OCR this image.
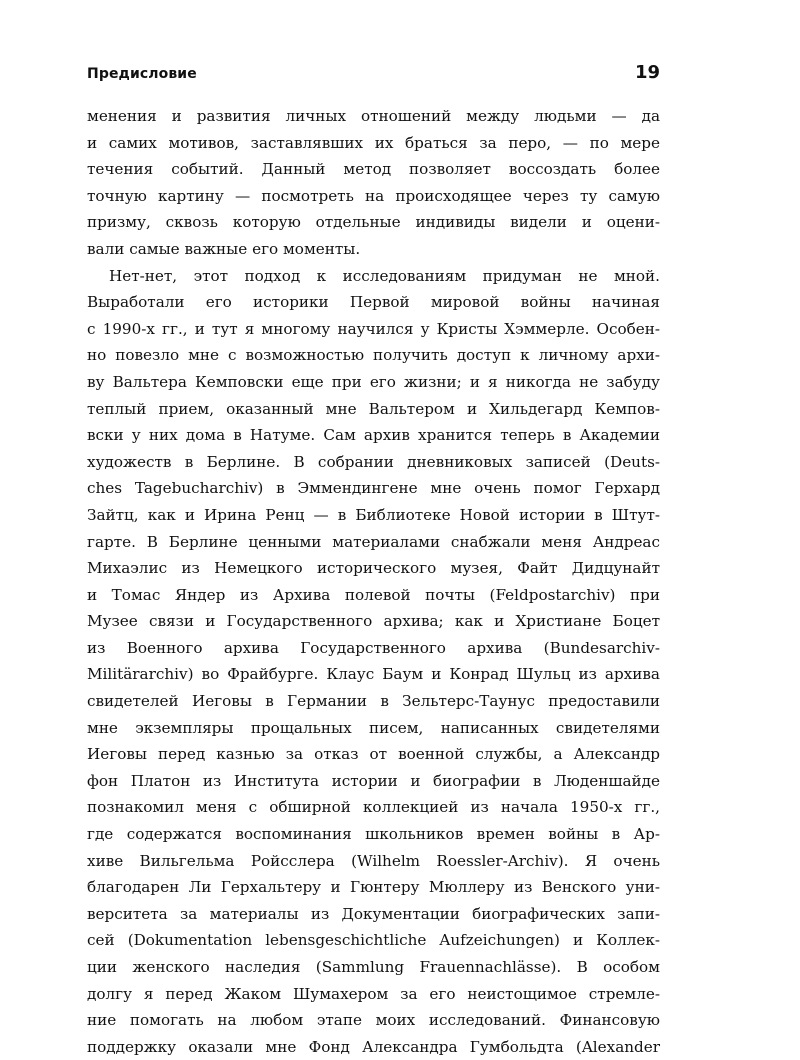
Предисловие	19
менения и развития личных отношений между людьми — да
и самих мотивов, заставлявших их браться за перо, — по мере
течения событий. Данный метод позволяет воссоздать более
точную картину — посмотреть на происходящее через ту самую
призму, сквозь которую отдельные индивиды видели и оцени-
вали самые важные его моменты.
Нет-нет, этот подход к исследованиям придуман не мной.
Выработали его историки Первой мировой войны начиная
с 1990-х гг., и тут я многому научился у Кристы Хэммерле. Особен-
но повезло мне с возможностью получить доступ к личному архи-
ву Вальтера Кемповски еще при его жизни; и я никогда не забуду
теплый прием, оказанный мне Вальтером и Хильдегард Кемпов-
вски у них дома в Натуме. Сам архив хранится теперь в Академии
художеств в Берлине. В собрании дневниковых записей (Deuts-
ches Tagebucharchiv) в Эммендингене мне очень помог Герхард
Зайтц, как и Ирина Ренц — в Библиотеке Новой истории в Штут-
гарте. В Берлине ценными материалами снабжали меня Андреас
Михаэлис из Немецкого исторического музея, Файт Дидцунайт
и Томас Яндер из Архива полевой почты (Feldpostarchiv) при
Музее связи и Государственного архива; как и Христиане Боцет
из Военного архива Государственного архива (Bundesarchiv-
Militärarchiv) во Фрайбурге. Клаус Баум и Конрад Шульц из архива
свидетелей Иеговы в Германии в Зельтерс-Таунус предоставили
мне экземпляры прощальных писем, написанных свидетелями
Иеговы перед казнью за отказ от военной службы, а Александр
фон Платон из Института истории и биографии в Люденшайде
познакомил меня с обширной коллекцией из начала 1950-х гг.,
где содержатся воспоминания школьников времен войны в Ар-
хиве Вильгельма Ройсслера (Wilhelm Roessler-Archiv). Я очень
благодарен Ли Герхальтеру и Гюнтеру Мюллеру из Венского уни-
верситета за материалы из Документации биографических запи-
сей (Dokumentation lebensgeschichtliche Aufzeichungen) и Коллек-
ции женского наследия (Sammlung Frauennachlässe). В особом
долгу я перед Жаком Шумахером за его неистощимое стремле-
ние помогать на любом этапе моих исследований. Финансовую
поддержку оказали мне Фонд Александра Гумбольдта (Alexander
